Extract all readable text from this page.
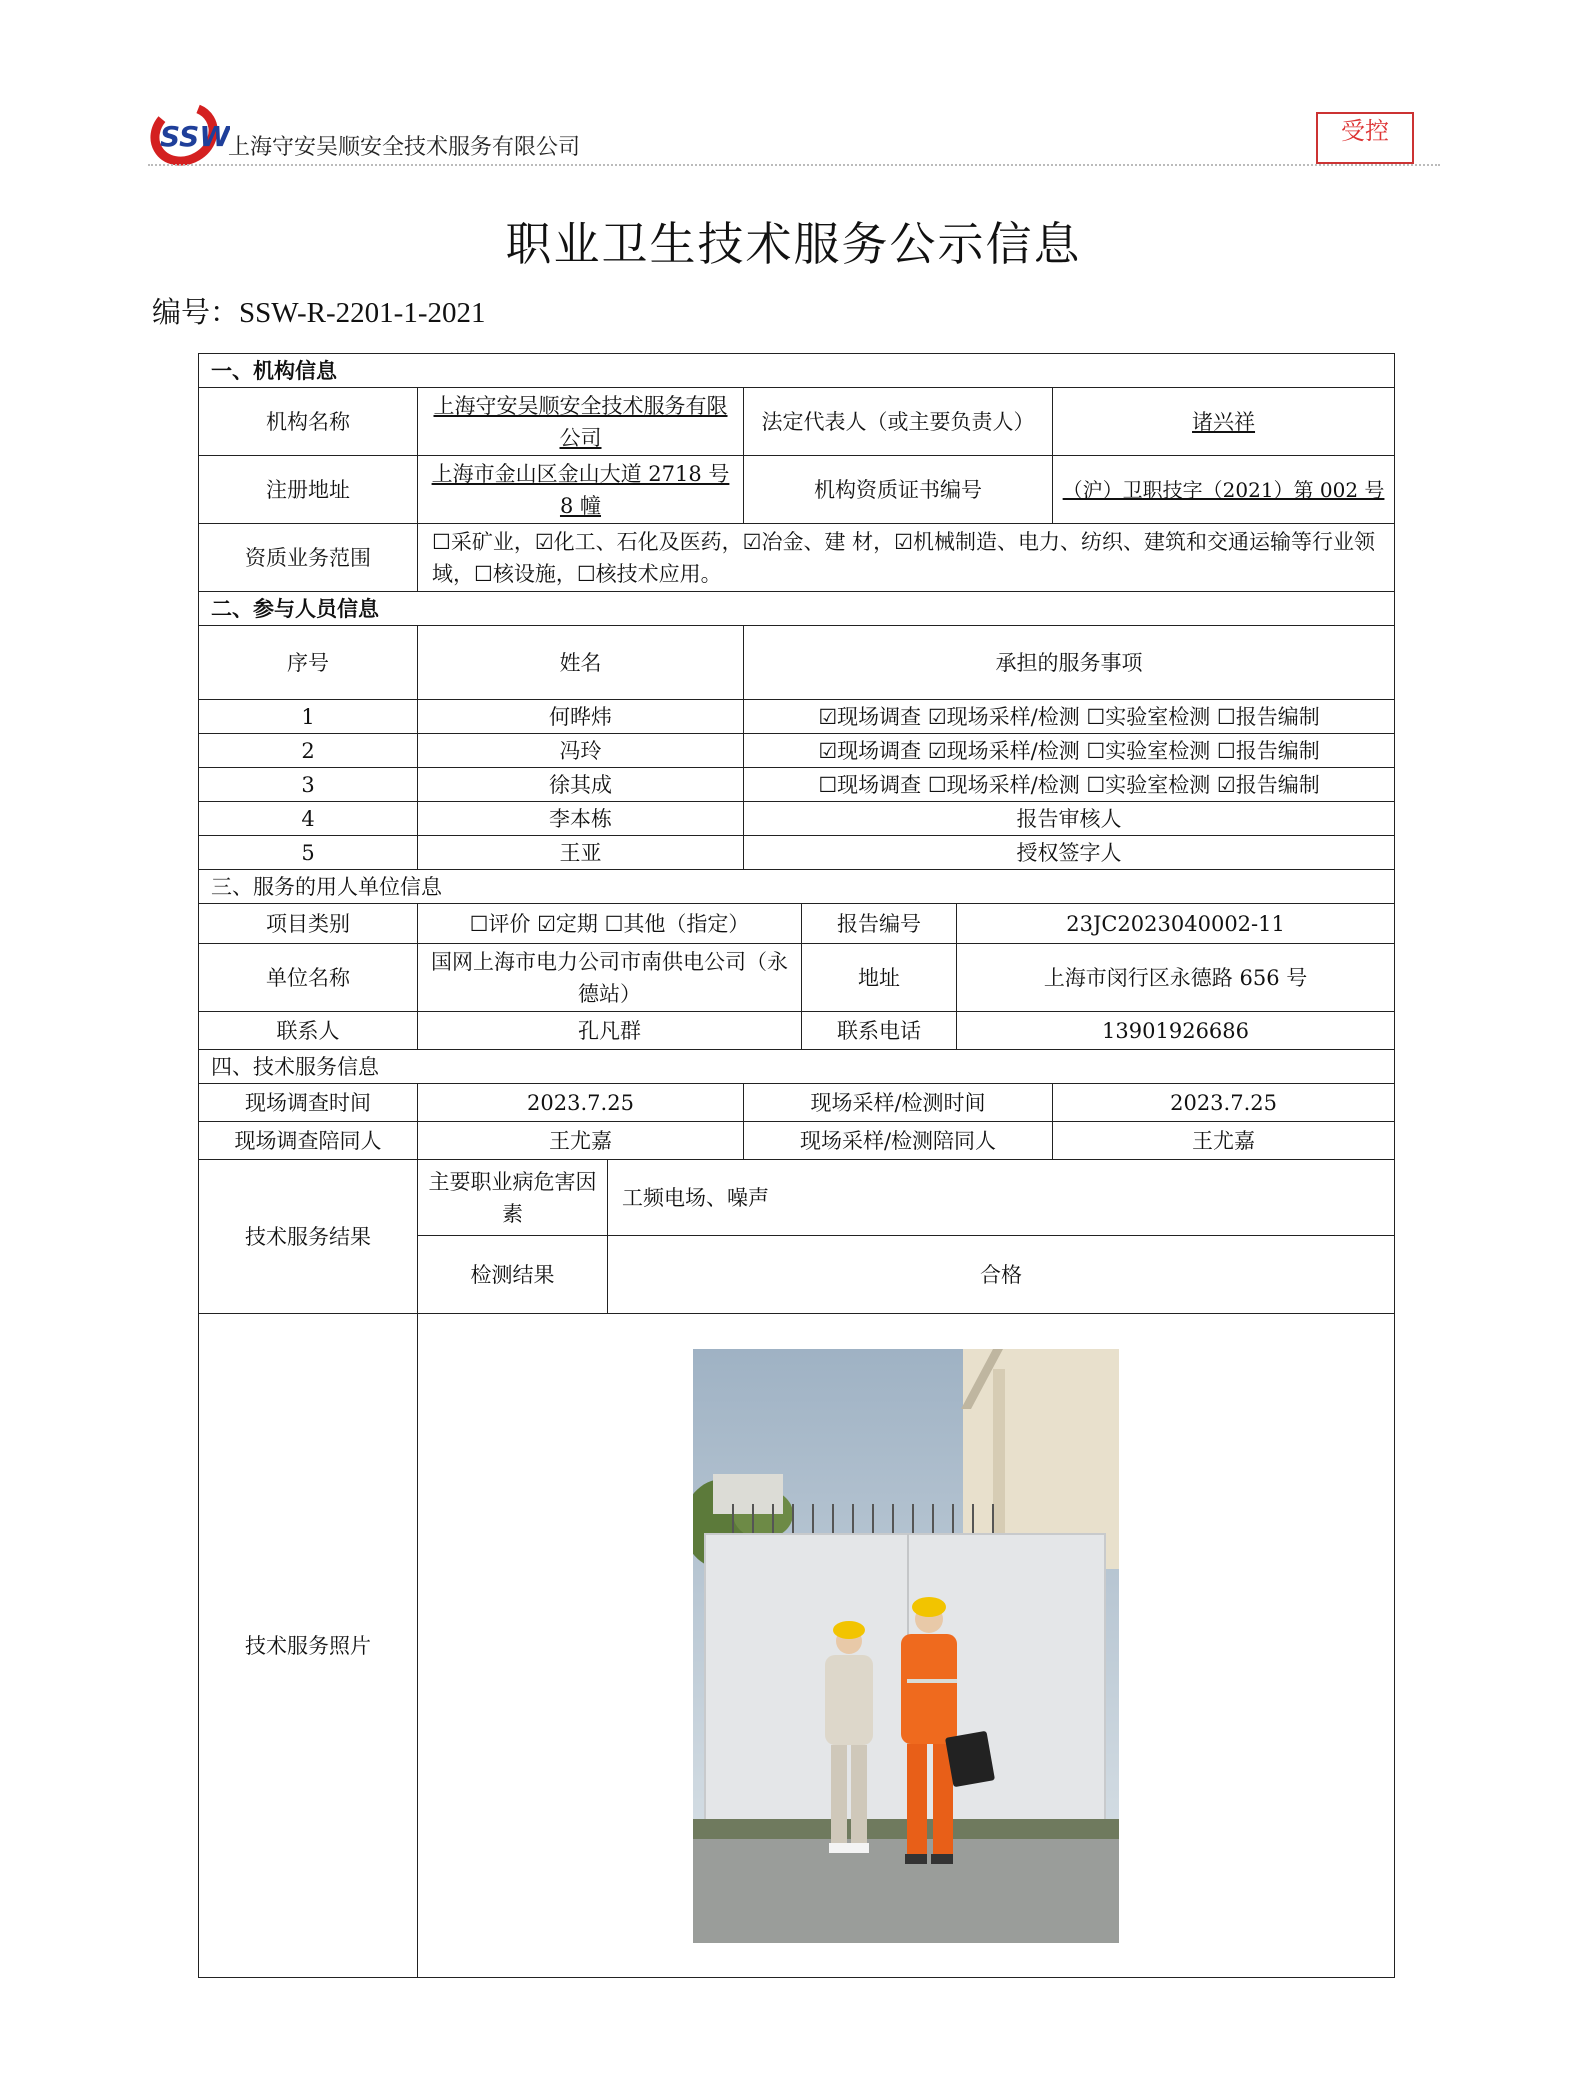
SSW
上海守安吴顺安全技术服务有限公司
受控
职业卫生技术服务公示信息
编号：SSW-R-2201-1-2021
一、机构信息						
机构名称	上海守安吴顺安全技术服务有限公司		法定代表人（或主要负责人）			诸兴祥
注册地址	上海市金山区金山大道 2718 号 8 幢		机构资质证书编号			（沪）卫职技字（2021）第 002 号
资质业务范围	☐采矿业，☑化工、石化及医药，☑冶金、建 材，☑机械制造、电力、纺织、建筑和交通运输等行业领域，☐核设施，☐核技术应用。					
二、参与人员信息						
序号	姓名		承担的服务事项			
1	何晔炜		☑现场调查 ☑现场采样/检测 ☐实验室检测 ☐报告编制			
2	冯玲		☑现场调查 ☑现场采样/检测 ☐实验室检测 ☐报告编制			
3	徐其成		☐现场调查 ☐现场采样/检测 ☐实验室检测 ☑报告编制			
4	李本栋		报告审核人			
5	王亚		授权签字人			
三、服务的用人单位信息						
项目类别	☐评价 ☑定期 ☐其他（指定）			报告编号	23JC2023040002-11	
单位名称	国网上海市电力公司市南供电公司（永德站）			地址	上海市闵行区永德路 656 号	
联系人	孔凡群			联系电话	13901926686	
四、技术服务信息						
现场调查时间	2023.7.25		现场采样/检测时间			2023.7.25
现场调查陪同人	王尤嘉		现场采样/检测陪同人			王尤嘉
技术服务结果	主要职业病危害因素	工频电场、噪声				
	检测结果	合格				
技术服务照片	
